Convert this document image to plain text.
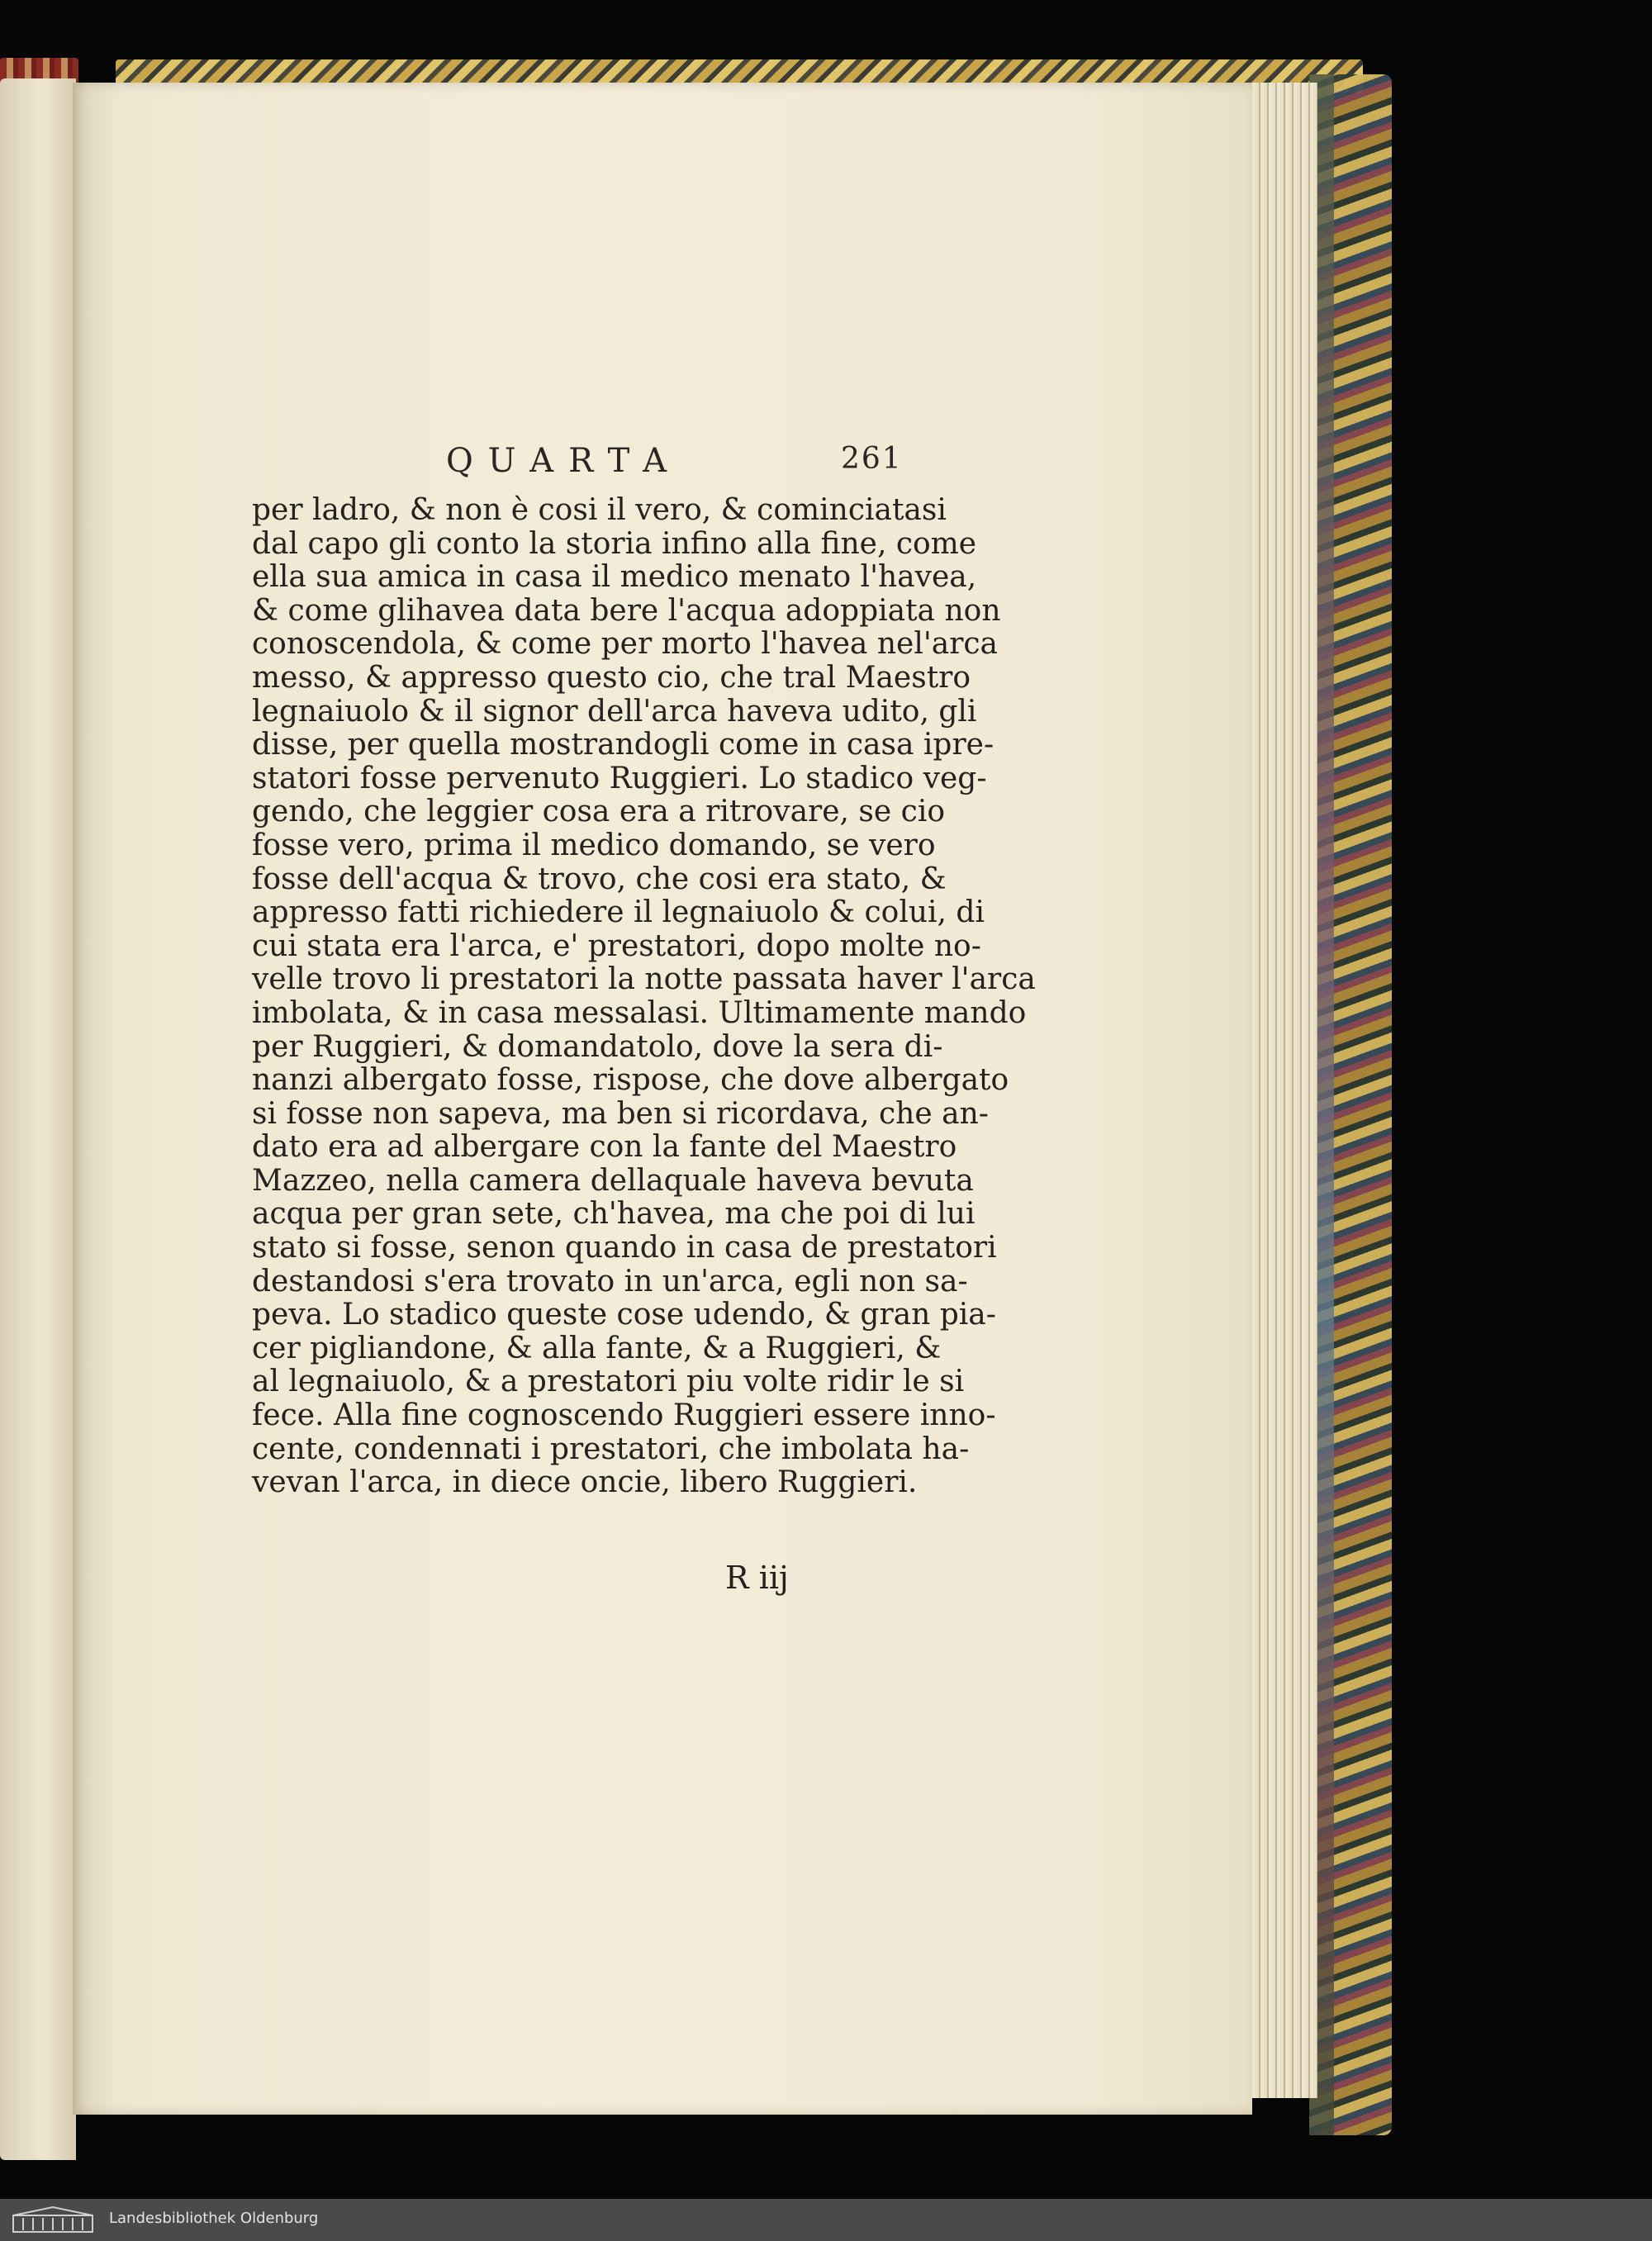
QUARTA	261
per ladro, & non è cosi il vero, & cominciatasi
dal capo gli conto la storia infino alla fine, come
ella sua amica in casa il medico menato l'havea,
& come glihavea data bere l'acqua adoppiata non
conoscendola, & come per morto l'havea nel'arca
messo, & appresso questo cio, che tral Maestro
legnaiuolo & il signor dell'arca haveva udito, gli
disse, per quella mostrandogli come in casa ipre-
statori fosse pervenuto Ruggieri. Lo stadico veg-
gendo, che leggier cosa era a ritrovare, se cio
fosse vero, prima il medico domando, se vero
fosse dell'acqua & trovo, che cosi era stato, &
appresso fatti richiedere il legnaiuolo & colui, di
cui stata era l'arca, e' prestatori, dopo molte no-
velle trovo li prestatori la notte passata haver l'arca
imbolata, & in casa messalasi. Ultimamente mando
per Ruggieri, & domandatolo, dove la sera di-
nanzi albergato fosse, rispose, che dove albergato
si fosse non sapeva, ma ben si ricordava, che an-
dato era ad albergare con la fante del Maestro
Mazzeo, nella camera dellaquale haveva bevuta
acqua per gran sete, ch'havea, ma che poi di lui
stato si fosse, senon quando in casa de prestatori
destandosi s'era trovato in un'arca, egli non sa-
peva. Lo stadico queste cose udendo, & gran pia-
cer pigliandone, & alla fante, & a Ruggieri, &
al legnaiuolo, & a prestatori piu volte ridir le si
fece. Alla fine cognoscendo Ruggieri essere inno-
cente, condennati i prestatori, che imbolata ha-
vevan l'arca, in diece oncie, libero Ruggieri.
R iij
Landesbibliothek Oldenburg
